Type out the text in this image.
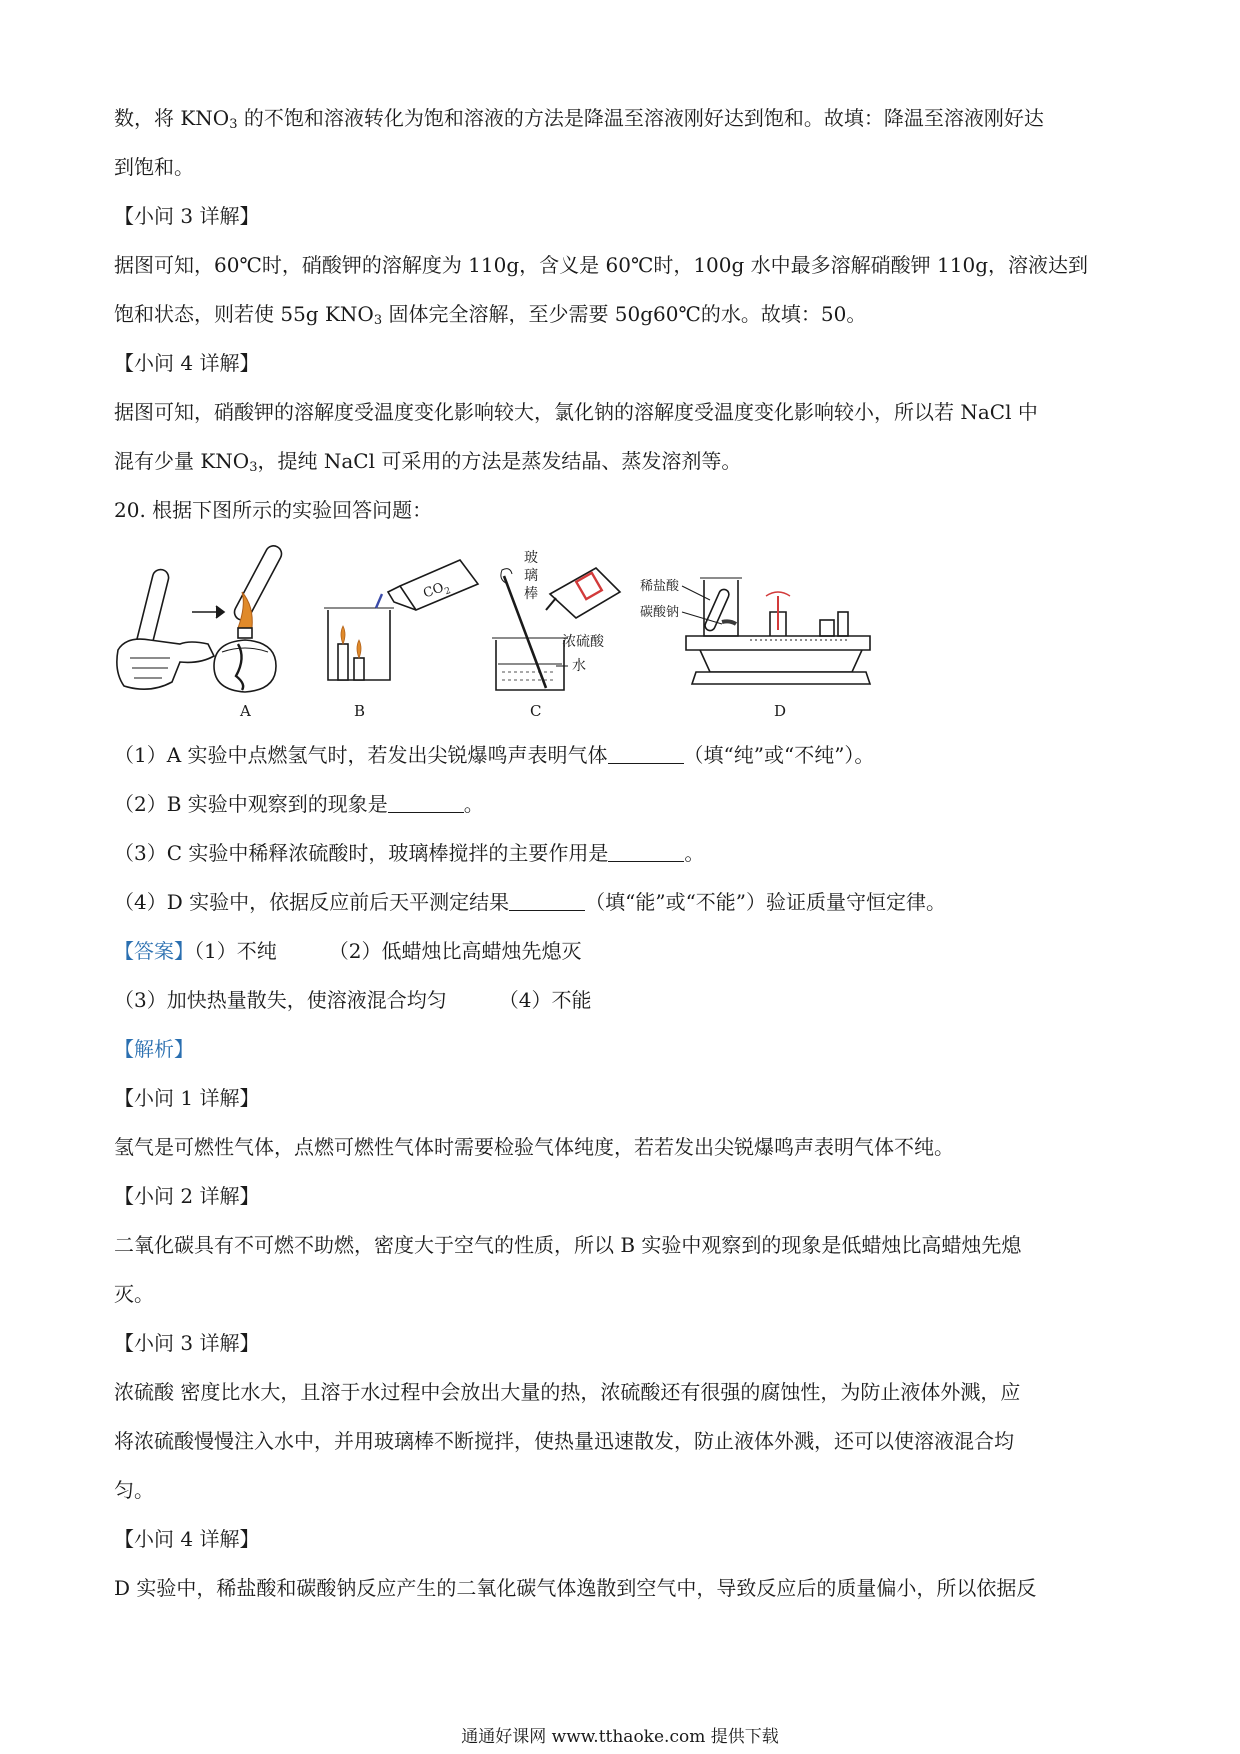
数，将 $KNO_3$ 的不饱和溶液转化为饱和溶液的方法是降温至溶液刚好达到饱和。故填：降温至溶液刚好达
到饱和。
【小问 3 详解】
据图可知，60℃时，硝酸钾的溶解度为 110g，含义是 60℃时，100g 水中最多溶解硝酸钾 110g，溶液达到
饱和状态，则若使 55g $KNO_3$ 固体完全溶解，至少需要 50g60℃的水。故填：50。
【小问 4 详解】
据图可知，硝酸钾的溶解度受温度变化影响较大，氯化钠的溶解度受温度变化影响较小，所以若 NaCl 中
混有少量 $KNO_3$，提纯 NaCl 可采用的方法是蒸发结晶、蒸发溶剂等。
20. 根据下图所示的实验回答问题：
A
$CO_2$
B
玻璃棒
浓硫酸
水
C
稀盐酸
碳酸钠
D
（1）A 实验中点燃氢气时，若发出尖锐爆鸣声表明气体	（填“纯”或“不纯”）。
（2）B 实验中观察到的现象是	。
（3）C 实验中稀释浓硫酸时，玻璃棒搅拌的主要作用是	。
（4）D 实验中，依据反应前后天平测定结果	（填“能”或“不能”）验证质量守恒定律。
【答案】（1）不纯	（2）低蜡烛比高蜡烛先熄灭
（3）加快热量散失，使溶液混合均匀	（4）不能
【解析】
【小问 1 详解】
氢气是可燃性气体，点燃可燃性气体时需要检验气体纯度，若若发出尖锐爆鸣声表明气体不纯。
【小问 2 详解】
二氧化碳具有不可燃不助燃，密度大于空气的性质，所以 B 实验中观察到的现象是低蜡烛比高蜡烛先熄
灭。
【小问 3 详解】
浓硫酸 密度比水大，且溶于水过程中会放出大量的热，浓硫酸还有很强的腐蚀性，为防止液体外溅，应
将浓硫酸慢慢注入水中，并用玻璃棒不断搅拌，使热量迅速散发，防止液体外溅，还可以使溶液混合均
匀。
【小问 4 详解】
D 实验中，稀盐酸和碳酸钠反应产生的二氧化碳气体逸散到空气中，导致反应后的质量偏小，所以依据反
通通好课网 www.tthaoke.com 提供下载
